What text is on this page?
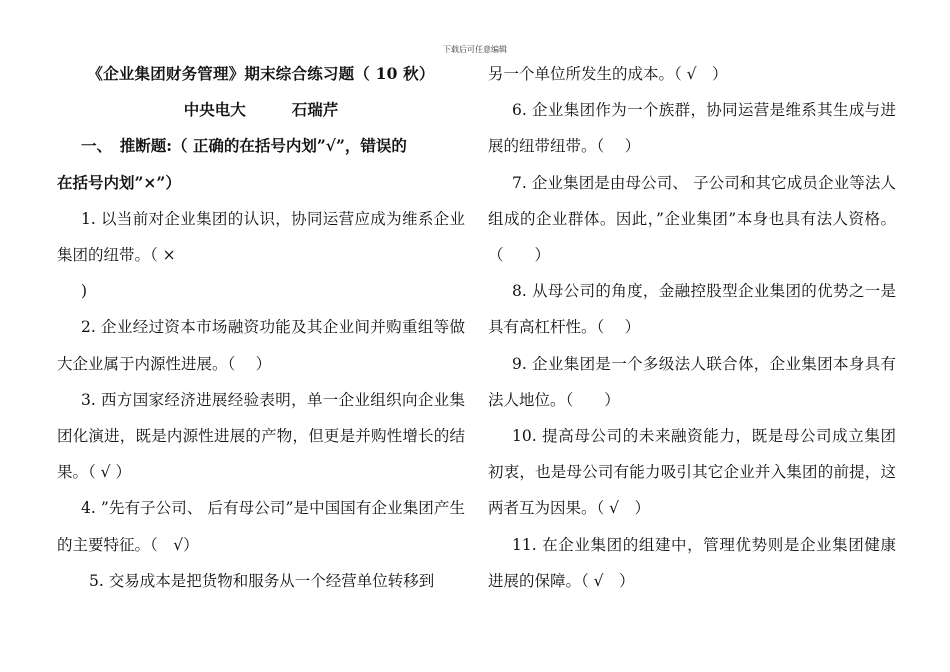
下载后可任意编辑

《企业集团财务管理》期末综合练习题（ 10 秋）

中央电大	石瑞芹

一、　推断题:（ 正确的在括号内划”√”，错误的

在括号内划”×”）

1. 以当前对企业集团的认识，协同运营应成为维系企业集团的纽带。（ ×

)

2. 企业经过资本市场融资功能及其企业间并购重组等做大企业属于内源性进展。（　 ）

3. 西方国家经济进展经验表明，单一企业组织向企业集团化演进，既是内源性进展的产物，但更是并购性增长的结果。（ √ ）

4. ”先有子公司、 后有母公司”是中国国有企业集团产生的主要特征。（　√）

5. 交易成本是把货物和服务从一个经营单位转移到

另一个单位所发生的成本。（ √　）

6. 企业集团作为一个族群，协同运营是维系其生成与进展的纽带纽带。（　 ）

7. 企业集团是由母公司、 子公司和其它成员企业等法人组成的企业群体。因此，”企业集团”本身也具有法人资格。（　　）

8. 从母公司的角度，金融控股型企业集团的优势之一是具有高杠杆性。（　 ）

9. 企业集团是一个多级法人联合体，企业集团本身具有法人地位。（　　）

10. 提高母公司的未来融资能力，既是母公司成立集团初衷，也是母公司有能力吸引其它企业并入集团的前提，这两者互为因果。（ √　）

11. 在企业集团的组建中，管理优势则是企业集团健康进展的保障。（ √　）
